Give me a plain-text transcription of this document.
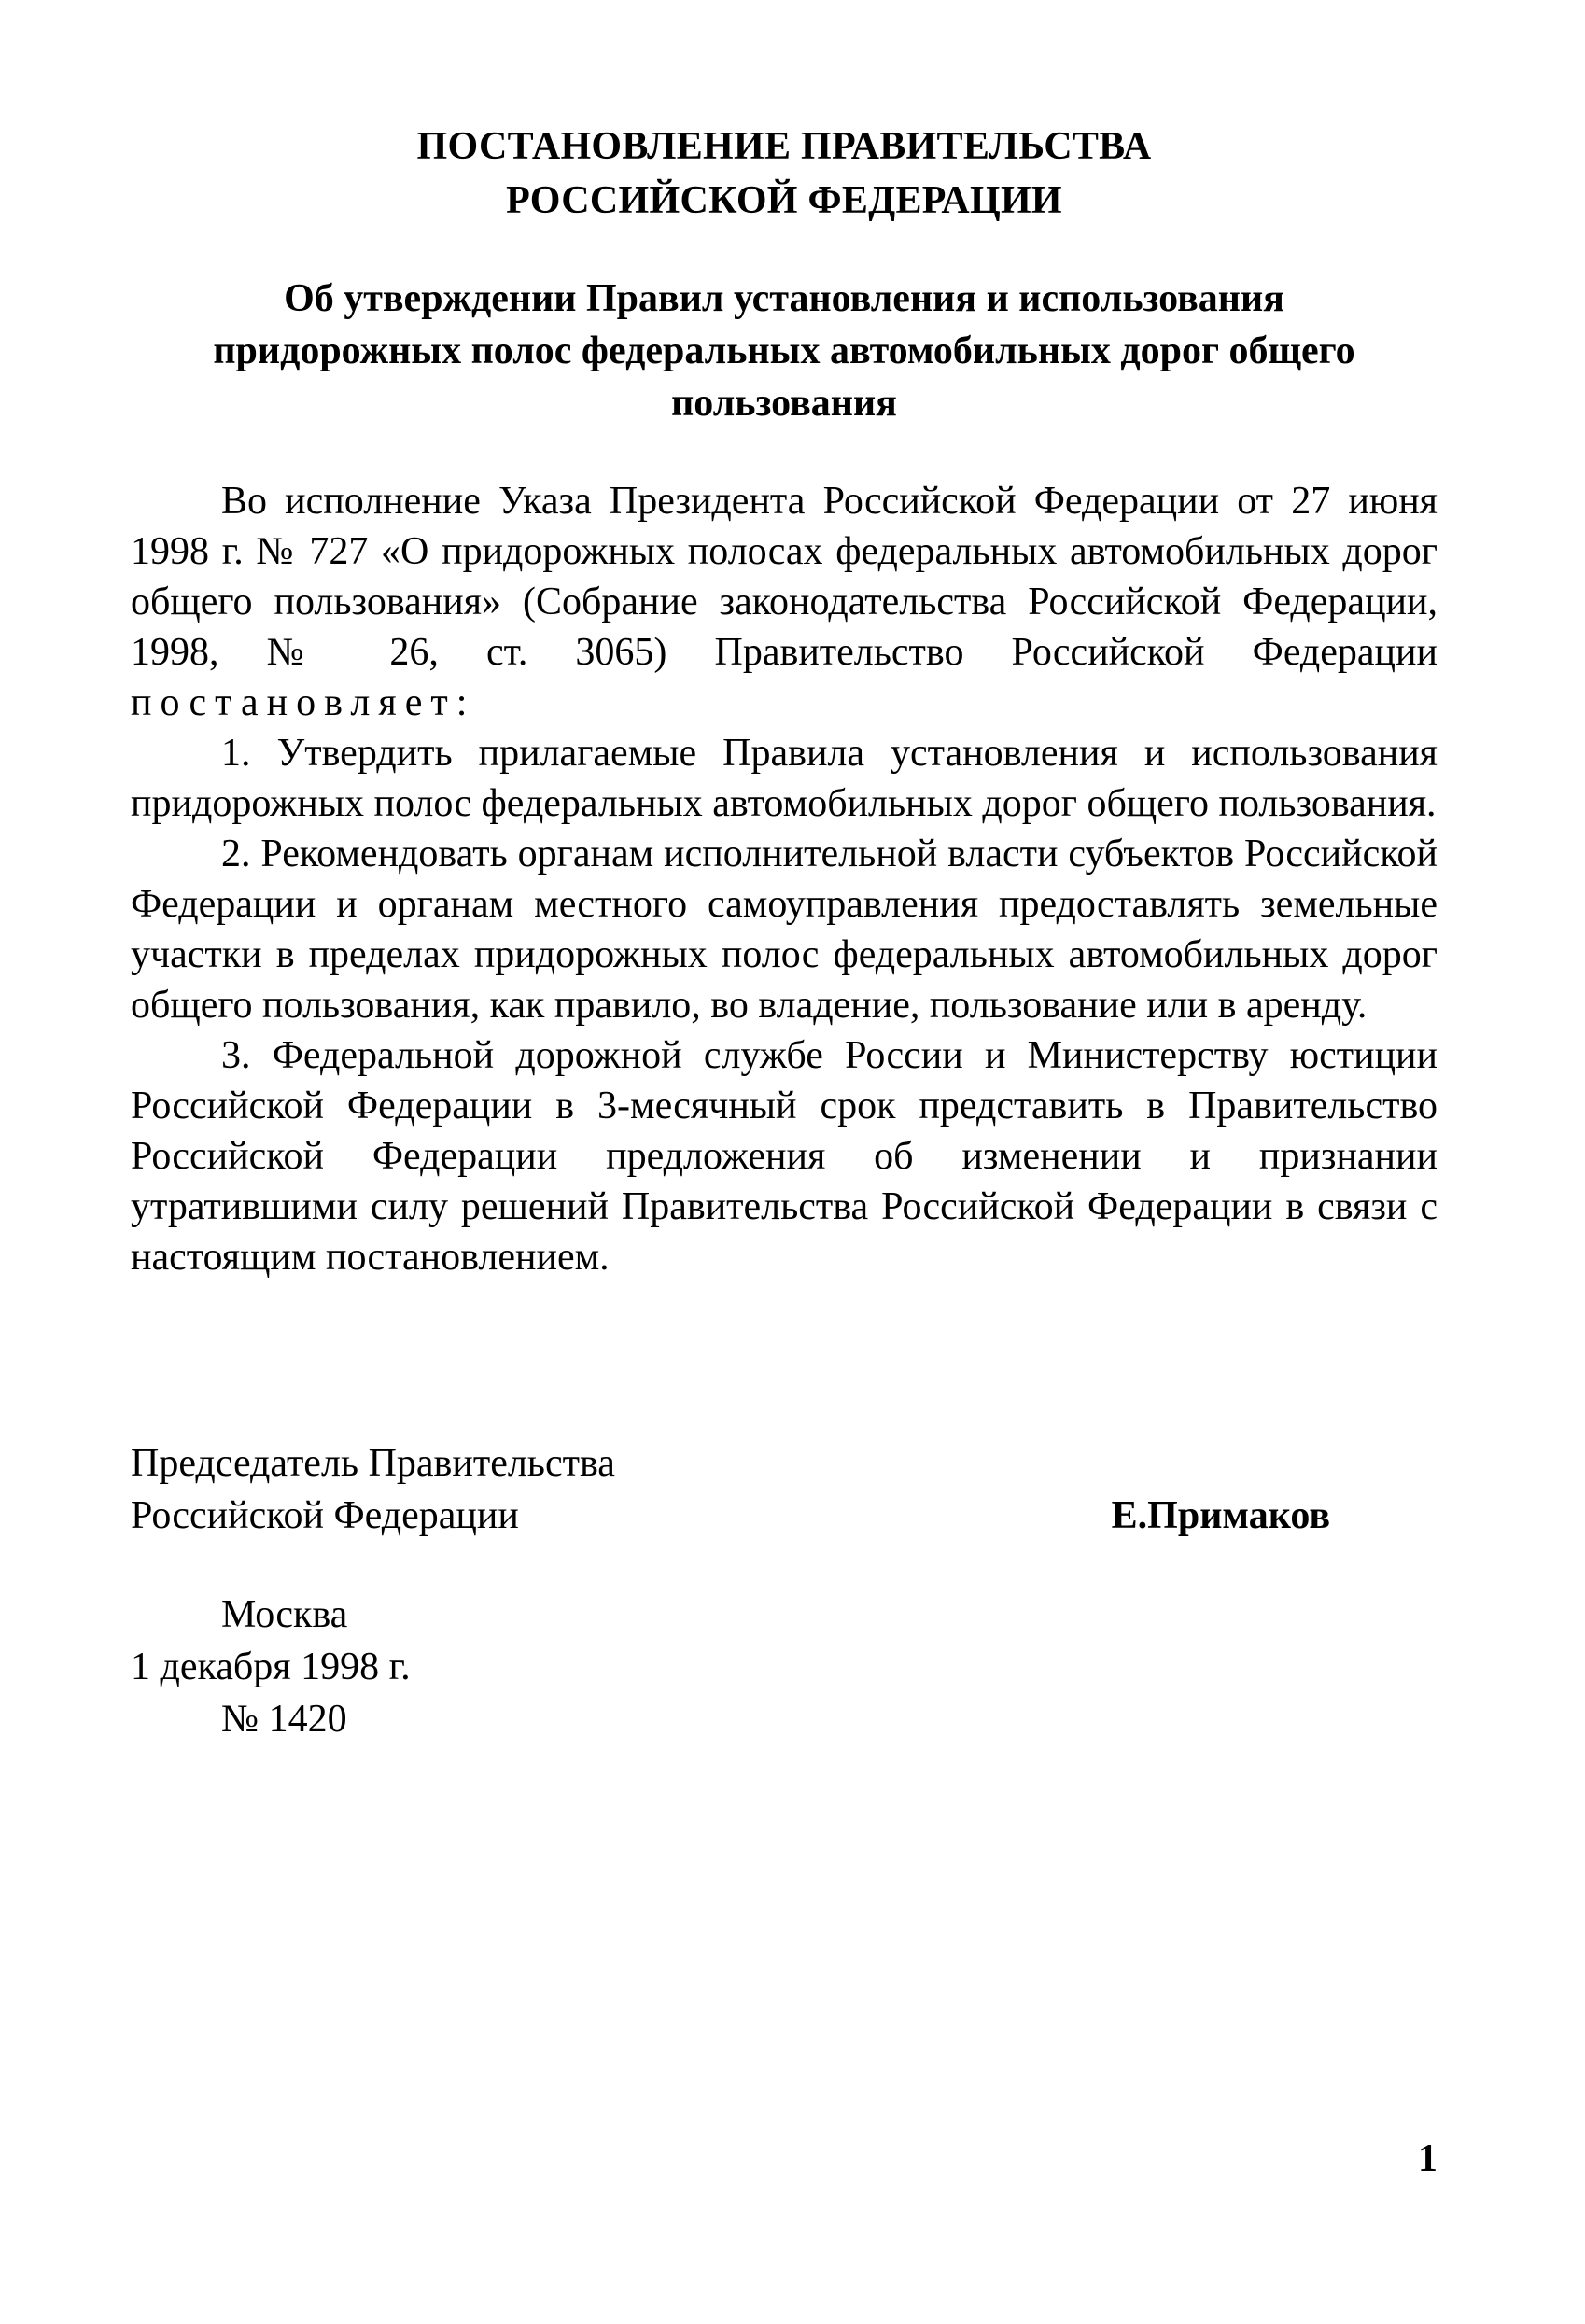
ПОСТАНОВЛЕНИЕ ПРАВИТЕЛЬСТВА
РОССИЙСКОЙ ФЕДЕРАЦИИ
Об утверждении Правил установления и использования
придорожных полос федеральных автомобильных дорог общего
пользования

Во исполнение Указа Президента Российской Федерации от 27 июня 1998 г. № 727 «О придорожных полосах федеральных автомобильных дорог общего пользования» (Собрание законодательства Российской Федерации, 1998, № 26, ст. 3065) Правительство Российской Федерации постановляет:

1. Утвердить прилагаемые Правила установления и использования придорожных полос федеральных автомобильных дорог общего пользования.

2. Рекомендовать органам исполнительной власти субъектов Российской Федерации и органам местного самоуправления предоставлять земельные участки в пределах придорожных полос федеральных автомобильных дорог общего пользования, как правило, во владение, пользование или в аренду.

3. Федеральной дорожной службе России и Министерству юстиции Российской Федерации в 3-месячный срок представить в Правительство Российской Федерации предложения об изменении и признании утратившими силу решений Правительства Российской Федерации в связи с настоящим постановлением.

Председатель Правительства
Российской Федерации	Е.Примаков
Москва
1 декабря 1998 г.
№ 1420
1
